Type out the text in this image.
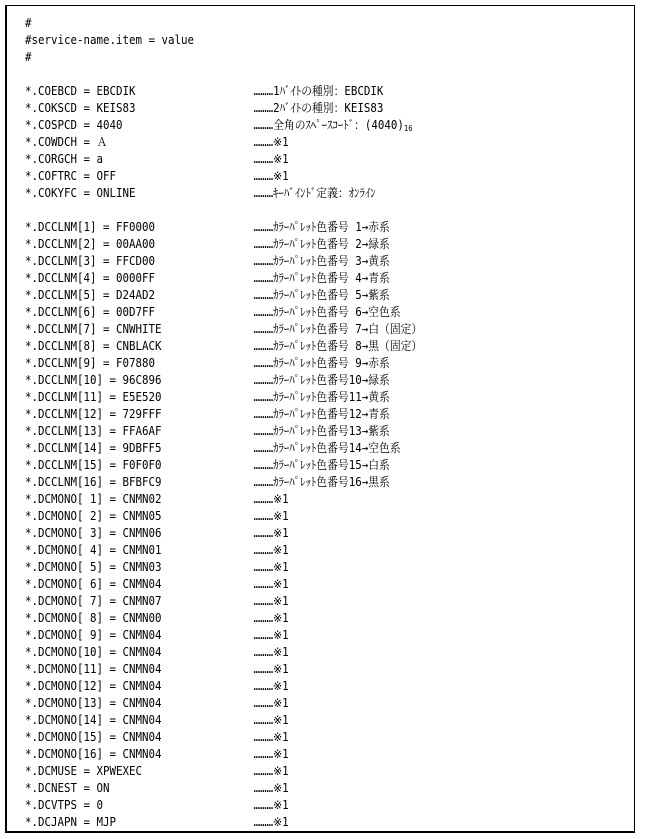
#
#service-name.item = value
#
*.COEBCD = EBCDIK	………1ﾊﾞｲﾄの種別：EBCDIK
*.COKSCD = KEIS83	………2ﾊﾞｲﾄの種別：KEIS83
*.COSPCD = 4040	………全角のｽﾍﾟｰｽｺｰﾄﾞ：$(4040)_{16}$
*.COWDCH = Ａ	………※1
*.CORGCH = a	………※1
*.COFTRC = OFF	………※1
*.COKYFC = ONLINE	………ｷｰﾊﾞｲﾝﾄﾞ定義：ｵﾝﾗｲﾝ
*.DCCLNM[1] = FF0000	………ｶﾗｰﾊﾟﾚｯﾄ色番号 1→赤系
*.DCCLNM[2] = 00AA00	………ｶﾗｰﾊﾟﾚｯﾄ色番号 2→緑系
*.DCCLNM[3] = FFCD00	………ｶﾗｰﾊﾟﾚｯﾄ色番号 3→黄系
*.DCCLNM[4] = 0000FF	………ｶﾗｰﾊﾟﾚｯﾄ色番号 4→青系
*.DCCLNM[5] = D24AD2	………ｶﾗｰﾊﾟﾚｯﾄ色番号 5→紫系
*.DCCLNM[6] = 00D7FF	………ｶﾗｰﾊﾟﾚｯﾄ色番号 6→空色系
*.DCCLNM[7] = CNWHITE	………ｶﾗｰﾊﾟﾚｯﾄ色番号 7→白（固定）
*.DCCLNM[8] = CNBLACK	………ｶﾗｰﾊﾟﾚｯﾄ色番号 8→黒（固定）
*.DCCLNM[9] = F07880	………ｶﾗｰﾊﾟﾚｯﾄ色番号 9→赤系
*.DCCLNM[10] = 96C896	………ｶﾗｰﾊﾟﾚｯﾄ色番号10→緑系
*.DCCLNM[11] = E5E520	………ｶﾗｰﾊﾟﾚｯﾄ色番号11→黄系
*.DCCLNM[12] = 729FFF	………ｶﾗｰﾊﾟﾚｯﾄ色番号12→青系
*.DCCLNM[13] = FFA6AF	………ｶﾗｰﾊﾟﾚｯﾄ色番号13→紫系
*.DCCLNM[14] = 9DBFF5	………ｶﾗｰﾊﾟﾚｯﾄ色番号14→空色系
*.DCCLNM[15] = F0F0F0	………ｶﾗｰﾊﾟﾚｯﾄ色番号15→白系
*.DCCLNM[16] = BFBFC9	………ｶﾗｰﾊﾟﾚｯﾄ色番号16→黒系
*.DCMONO[ 1] = CNMN02	………※1
*.DCMONO[ 2] = CNMN05	………※1
*.DCMONO[ 3] = CNMN06	………※1
*.DCMONO[ 4] = CNMN01	………※1
*.DCMONO[ 5] = CNMN03	………※1
*.DCMONO[ 6] = CNMN04	………※1
*.DCMONO[ 7] = CNMN07	………※1
*.DCMONO[ 8] = CNMN00	………※1
*.DCMONO[ 9] = CNMN04	………※1
*.DCMONO[10] = CNMN04	………※1
*.DCMONO[11] = CNMN04	………※1
*.DCMONO[12] = CNMN04	………※1
*.DCMONO[13] = CNMN04	………※1
*.DCMONO[14] = CNMN04	………※1
*.DCMONO[15] = CNMN04	………※1
*.DCMONO[16] = CNMN04	………※1
*.DCMUSE = XPWEXEC	………※1
*.DCNEST = ON	………※1
*.DCVTPS = 0	………※1
*.DCJAPN = MJP	………※1
